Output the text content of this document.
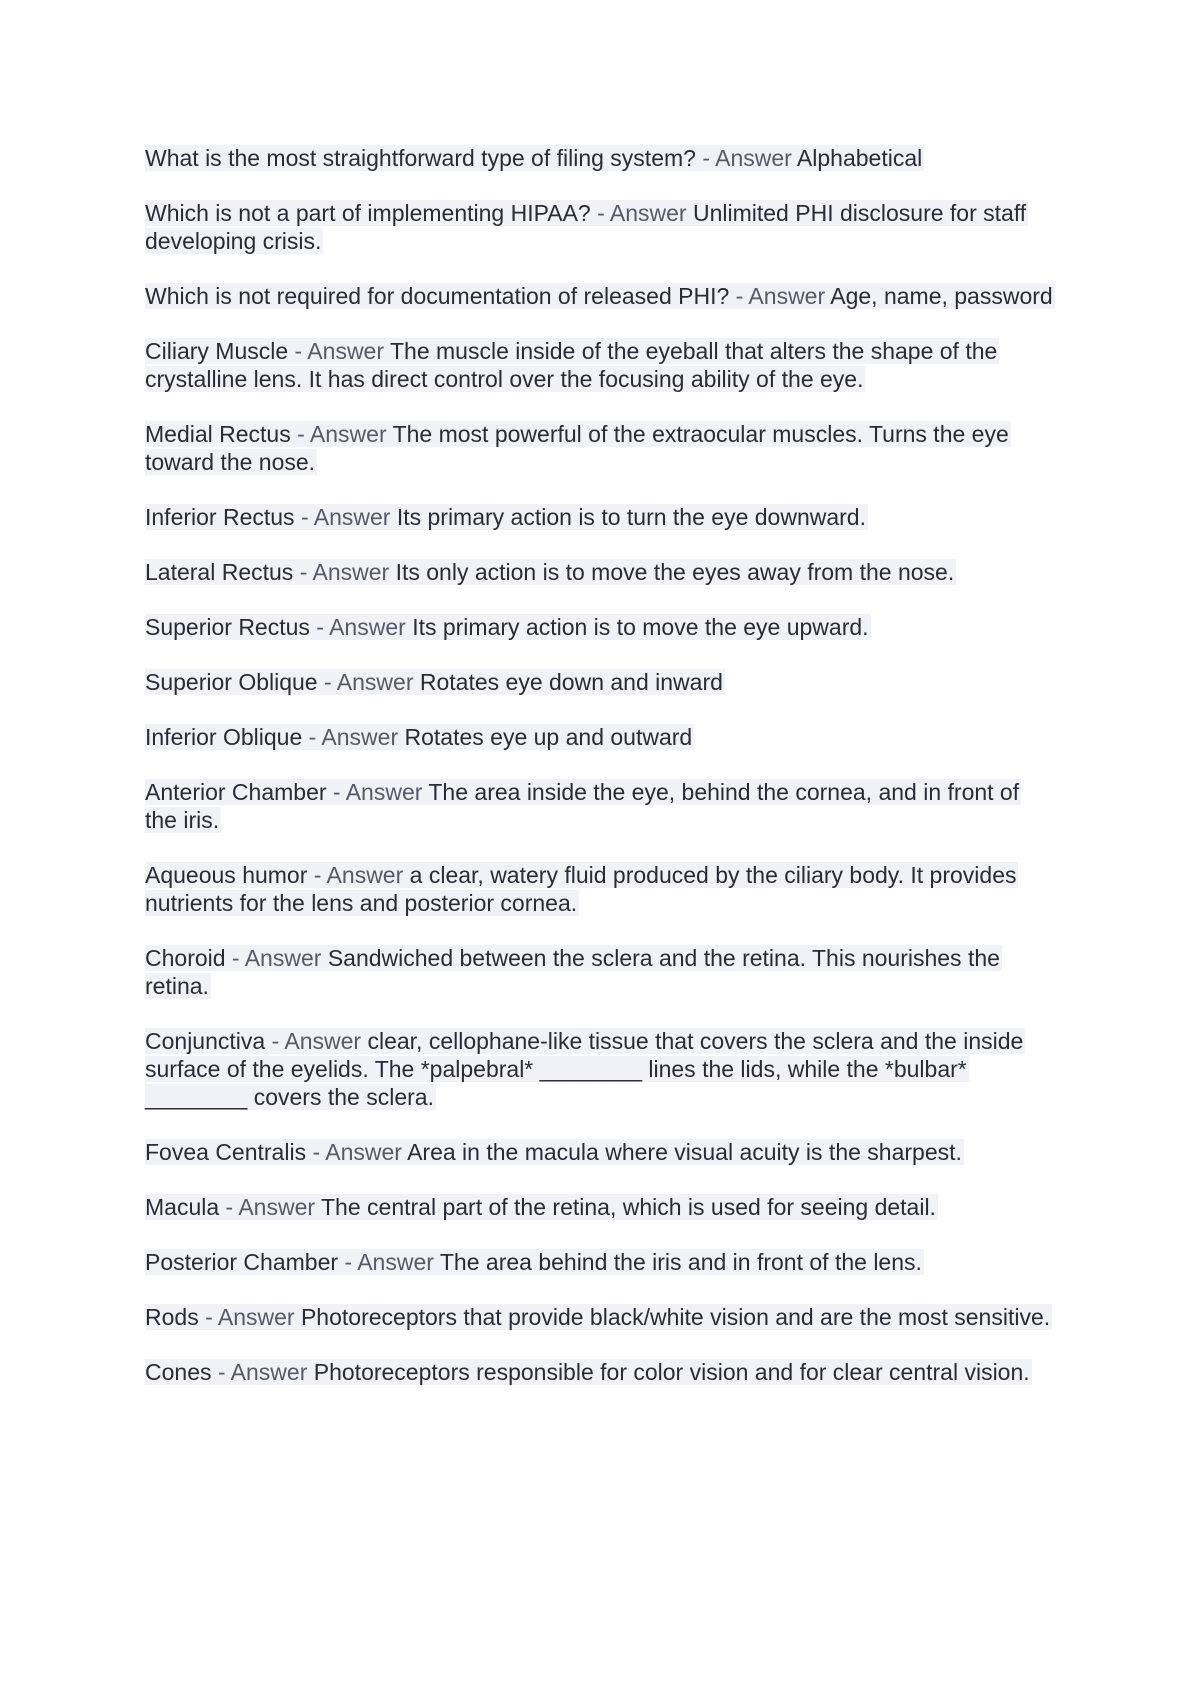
What is the most straightforward type of filing system? - Answer Alphabetical

Which is not a part of implementing HIPAA? - Answer Unlimited PHI disclosure for staff developing crisis.

Which is not required for documentation of released PHI? - Answer Age, name, password

Ciliary Muscle - Answer The muscle inside of the eyeball that alters the shape of the crystalline lens. It has direct control over the focusing ability of the eye.

Medial Rectus - Answer The most powerful of the extraocular muscles. Turns the eye toward the nose.

Inferior Rectus - Answer Its primary action is to turn the eye downward.

Lateral Rectus - Answer Its only action is to move the eyes away from the nose.

Superior Rectus - Answer Its primary action is to move the eye upward.

Superior Oblique - Answer Rotates eye down and inward

Inferior Oblique - Answer Rotates eye up and outward

Anterior Chamber - Answer The area inside the eye, behind the cornea, and in front of the iris.

Aqueous humor - Answer a clear, watery fluid produced by the ciliary body. It provides nutrients for the lens and posterior cornea.

Choroid - Answer Sandwiched between the sclera and the retina. This nourishes the retina.

Conjunctiva - Answer clear, cellophane-like tissue that covers the sclera and the inside surface of the eyelids. The *palpebral* ________ lines the lids, while the *bulbar* ________ covers the sclera.

Fovea Centralis - Answer Area in the macula where visual acuity is the sharpest.

Macula - Answer The central part of the retina, which is used for seeing detail.

Posterior Chamber - Answer The area behind the iris and in front of the lens.

Rods - Answer Photoreceptors that provide black/white vision and are the most sensitive.

Cones - Answer Photoreceptors responsible for color vision and for clear central vision.
